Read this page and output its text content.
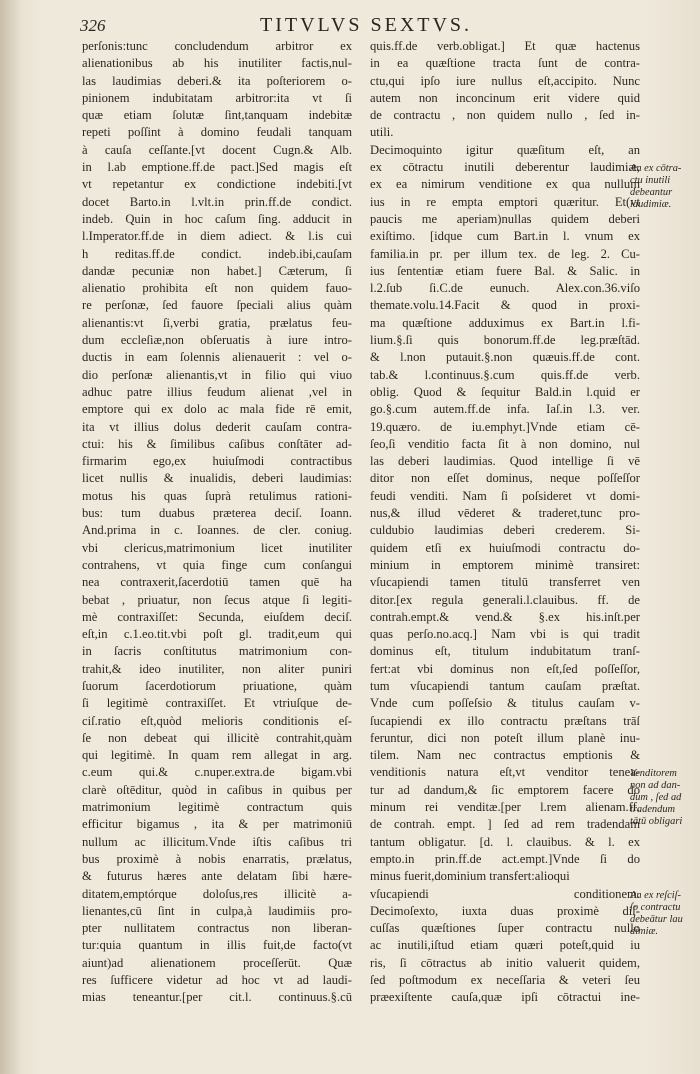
326	TITVLVS SEXTVS.
perſonis:tunc concludendum arbitror ex
alienationibus ab his inutiliter factis,nul-
las laudimias deberi.& ita poſteriorem o-
pinionem indubitatam arbitror:ita vt ſi
quæ etiam ſolutæ ſint,tanquam indebitæ
repeti poſſint à domino feudali tanquam
à cauſa ceſſante.[vt docent Cugn.& Alb.
in l.ab emptione.ff.de pact.]Sed magis eſt
vt repetantur ex condictione indebiti.[vt
docet Barto.in l.vlt.in prin.ff.de condict.
indeb. Quin in hoc caſum ſing. adducit in
l.Imperator.ff.de in diem adiect. & l.is cui
h reditas.ff.de condict. indeb.ibi,cauſam
dandæ pecuniæ non habet.] Cæterum, ſi
alienatio prohibita eſt non quidem fauo-
re perſonæ, ſed fauore ſpeciali alius quàm
alienantis:vt ſi,verbi gratia, prælatus feu-
dum eccleſiæ,non obſeruatis à iure intro-
ductis in eam ſolennis alienauerit : vel o-
dio perſonæ alienantis,vt in filio qui viuo
adhuc patre illius feudum alienat ,vel in
emptore qui ex dolo ac mala fide rē emit,
ita vt illius dolus dederit cauſam contra-
ctui: his & ſimilibus caſibus conſtāter ad-
firmarim ego,ex huiuſmodi contractibus
licet nullis & inualidis, deberi laudimias:
motus his quas ſuprà retulimus rationi-
bus: tum duabus præterea deciſ. Ioann.
And.prima in c. Ioannes. de cler. coniug.
vbi clericus,matrimonium licet inutiliter
contrahens, vt quia finge cum conſangui
nea contraxerit,ſacerdotiū tamen quē ha
bebat , priuatur, non ſecus atque ſi legiti-
mè contraxiſſet: Secunda, eiuſdem deciſ.
eſt,in c.1.eo.tit.vbi poſt gl. tradit,eum qui
in ſacris conſtitutus matrimonium con-
trahit,& ideo inutiliter, non aliter puniri
ſuorum ſacerdotiorum priuatione, quàm
ſi legitimè contraxiſſet. Et vtriuſque de-
ciſ.ratio eſt,quòd melioris conditionis eſ-
ſe non debeat qui illicitè contrahit,quàm
qui legitimè. In quam rem allegat in arg.
c.eum qui.& c.nuper.extra.de bigam.vbi
clarè oſtēditur, quòd in caſibus in quibus per
matrimonium legitimè contractum quis
efficitur bigamus , ita & per matrimoniū
nullum ac illicitum.Vnde iſtis caſibus tri
bus proximè à nobis enarratis, prælatus,
& futurus hæres ante delatam ſibi hære-
ditatem,emptórque doloſus,res illicitè a-
lienantes,cū ſint in culpa,à laudimiis pro-
pter nullitatem contractus non liberan-
tur:quia quantum in illis fuit,de facto(vt
aiunt)ad alienationem proceſſerūt. Quæ
res ſufficere videtur ad hoc vt ad laudi-
mias teneantur.[per cit.l. continuus.§.cū
quis.ff.de verb.obligat.] Et quæ hactenus
in ea quæſtione tracta ſunt de contra-
ctu,qui ipſo iure nullus eſt,accipito. Nunc
autem non inconcinum erit videre quid
de contractu , non quidem nullo , ſed in-
utili.
Decimoquinto igitur quæſitum eſt, an
ex cōtractu inutili deberentur laudimiæ,
ex ea nimirum venditione ex qua nullum
ius in re empta emptori quæritur. Et(vt
paucis me aperiam)nullas quidem deberi
exiſtimo. [idque cum Bart.in l. vnum ex
familia.in pr. per illum tex. de leg. 2. Cu-
ius ſententiæ etiam fuere Bal. & Salic. in
l.2.ſub ſi.C.de eunuch. Alex.con.36.viſo
themate.volu.14.Facit & quod in proxi-
ma quæſtione adduximus ex Bart.in l.fi-
lium.§.ſi quis bonorum.ff.de leg.præſtād.
& l.non putauit.§.non quæuis.ff.de cont.
tab.& l.continuus.§.cum quis.ff.de verb.
oblig. Quod & ſequitur Bald.in l.quid er
go.§.cum autem.ff.de infa. Iaſ.in l.3. ver.
19.quæro. de iu.emphyt.]Vnde etiam cē-
ſeo,ſi venditio facta ſit à non domino, nul
las deberi laudimias. Quod intellige ſi vē
ditor non eſſet dominus, neque poſſeſſor
feudi venditi. Nam ſi poſsideret vt domi-
nus,& illud vēderet & traderet,tunc pro-
culdubio laudimias deberi crederem. Si-
quidem etſi ex huiuſmodi contractu do-
minium in emptorem minimè transiret:
vſucapiendi tamen titulū transferret ven
ditor.[ex regula generali.l.clauibus. ff. de
contrah.empt.& vend.& §.ex his.inſt.per
quas perſo.no.acq.] Nam vbi is qui tradit
dominus eſt, titulum indubitatum tranſ-
fert:at vbi dominus non eſt,ſed poſſeſſor,
tum vſucapiendi tantum cauſam præſtat.
Vnde cum poſſeſsio & titulus cauſam v-
ſucapiendi ex illo contractu præſtans trāſ
feruntur, dici non poteſt illum planè inu-
tilem. Nam nec contractus emptionis &
venditionis natura eſt,vt venditor tenea-
tur ad dandum,& ſic emptorem facere do
minum rei venditæ.[per l.rem alienam.ff.
de contrah. empt. ] ſed ad rem tradendam
tantum obligatur. [d. l. clauibus. & l. ex
empto.in prin.ff.de act.empt.]Vnde ſi do
minus fuerit,dominium transfert:alioqui
vſucapiendi conditionem.
Decimoſexto, iuxta duas proximè diſ-
cuſſas quæſtiones ſuper contractu nullo
ac inutili,iſtud etiam quæri poteſt,quid iu
ris, ſi cōtractus ab initio valuerit quidem,
ſed poſtmodum ex neceſſaria & veteri ſeu
præexiſtente cauſa,quæ ipſi cōtractui ine-
An ex cōtra-
ctu inutili
debeantur
laudimiæ.
Venditorem
non ad dan-
dum , ſed ad
tradendum
tātū obligari
An ex reſciſ-
ſo contractu
debeātur lau
dimiæ.
